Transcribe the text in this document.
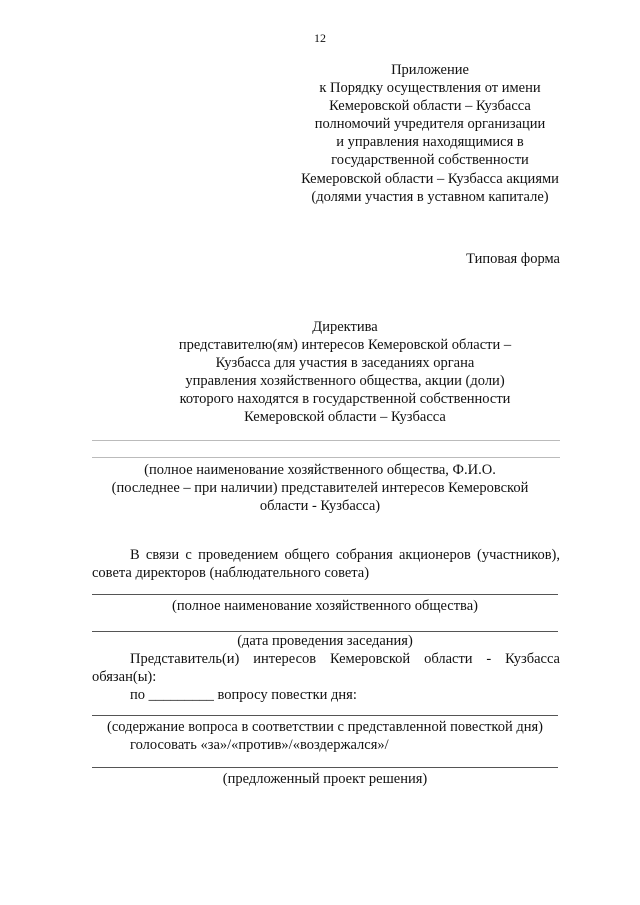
12
Приложение
к Порядку осуществления от имени
Кемеровской области – Кузбасса
полномочий учредителя организации
и управления находящимися в
государственной собственности
Кемеровской области – Кузбасса акциями
(долями участия в уставном капитале)
Типовая форма
Директива
представителю(ям) интересов Кемеровской области –
Кузбасса для участия в заседаниях органа
управления хозяйственного общества, акции (доли)
которого находятся в государственной собственности
Кемеровской области – Кузбасса
(полное наименование хозяйственного общества, Ф.И.О.
(последнее – при наличии) представителей интересов Кемеровской
области - Кузбасса)
В связи с проведением общего собрания акционеров (участников),
совета директоров (наблюдательного совета)
(полное наименование хозяйственного общества)
(дата проведения заседания)
Представитель(и) интересов Кемеровской области - Кузбасса
обязан(ы):
по _________ вопросу повестки дня:
(содержание вопроса в соответствии с представленной повесткой дня)
голосовать «за»/«против»/«воздержался»/
(предложенный проект решения)
